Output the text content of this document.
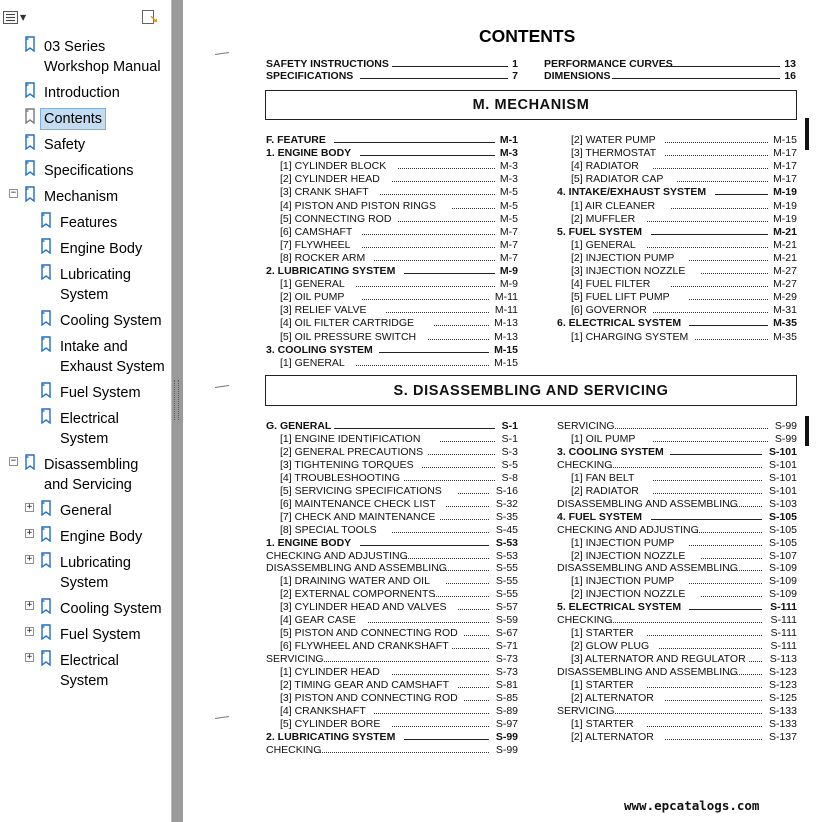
▼	↘
03 Series
Workshop Manual
Introduction
Contents
Safety
Specifications
− Mechanism
Features
Engine Body
Lubricating
System
Cooling System
Intake and
Exhaust System
Fuel System
Electrical
System
− Disassembling
and Servicing
+ General
+ Engine Body
+ Lubricating
System
+ Cooling System
+ Fuel System
+ Electrical
System
CONTENTS
SAFETY INSTRUCTIONS	1
SPECIFICATIONS	7
PERFORMANCE CURVES	13
DIMENSIONS	16
M. MECHANISM
F. FEATURE	M-1
1. ENGINE BODY	M-3
[1] CYLINDER BLOCK	M-3
[2] CYLINDER HEAD	M-3
[3] CRANK SHAFT	M-5
[4] PISTON AND PISTON RINGS	M-5
[5] CONNECTING ROD	M-5
[6] CAMSHAFT	M-7
[7] FLYWHEEL	M-7
[8] ROCKER ARM	M-7
2. LUBRICATING SYSTEM	M-9
[1] GENERAL	M-9
[2] OIL PUMP	M-11
[3] RELIEF VALVE	M-11
[4] OIL FILTER CARTRIDGE	M-13
[5] OIL PRESSURE SWITCH	M-13
3. COOLING SYSTEM	M-15
[1] GENERAL	M-15
[2] WATER PUMP	M-15
[3] THERMOSTAT	M-17
[4] RADIATOR	M-17
[5] RADIATOR CAP	M-17
4. INTAKE/EXHAUST SYSTEM	M-19
[1] AIR CLEANER	M-19
[2] MUFFLER	M-19
5. FUEL SYSTEM	M-21
[1] GENERAL	M-21
[2] INJECTION PUMP	M-21
[3] INJECTION NOZZLE	M-27
[4] FUEL FILTER	M-27
[5] FUEL LIFT PUMP	M-29
[6] GOVERNOR	M-31
6. ELECTRICAL SYSTEM	M-35
[1] CHARGING SYSTEM	M-35
S. DISASSEMBLING AND SERVICING
G. GENERAL	S-1
[1] ENGINE IDENTIFICATION	S-1
[2] GENERAL PRECAUTIONS	S-3
[3] TIGHTENING TORQUES	S-5
[4] TROUBLESHOOTING	S-8
[5] SERVICING SPECIFICATIONS	S-16
[6] MAINTENANCE CHECK LIST	S-32
[7] CHECK AND MAINTENANCE	S-35
[8] SPECIAL TOOLS	S-45
1. ENGINE BODY	S-53
CHECKING AND ADJUSTING	S-53
DISASSEMBLING AND ASSEMBLING	S-55
[1] DRAINING WATER AND OIL	S-55
[2] EXTERNAL COMPORNENTS	S-55
[3] CYLINDER HEAD AND VALVES	S-57
[4] GEAR CASE	S-59
[5] PISTON AND CONNECTING ROD	S-67
[6] FLYWHEEL AND CRANKSHAFT	S-71
SERVICING	S-73
[1] CYLINDER HEAD	S-73
[2] TIMING GEAR AND CAMSHAFT	S-81
[3] PISTON AND CONNECTING ROD	S-85
[4] CRANKSHAFT	S-89
[5] CYLINDER BORE	S-97
2. LUBRICATING SYSTEM	S-99
CHECKING	S-99
SERVICING	S-99
[1] OIL PUMP	S-99
3. COOLING SYSTEM	S-101
CHECKING	S-101
[1] FAN BELT	S-101
[2] RADIATOR	S-101
DISASSEMBLING AND ASSEMBLING	S-103
4. FUEL SYSTEM	S-105
CHECKING AND ADJUSTING	S-105
[1] INJECTION PUMP	S-105
[2] INJECTION NOZZLE	S-107
DISASSEMBLING AND ASSEMBLING	S-109
[1] INJECTION PUMP	S-109
[2] INJECTION NOZZLE	S-109
5. ELECTRICAL SYSTEM	S-111
CHECKING	S-111
[1] STARTER	S-111
[2] GLOW PLUG	S-111
[3] ALTERNATOR AND REGULATOR S-113
DISASSEMBLING AND ASSEMBLING	S-123
[1] STARTER	S-123
[2] ALTERNATOR	S-125
SERVICING	S-133
[1] STARTER	S-133
[2] ALTERNATOR	S-137
www.epcatalogs.com
